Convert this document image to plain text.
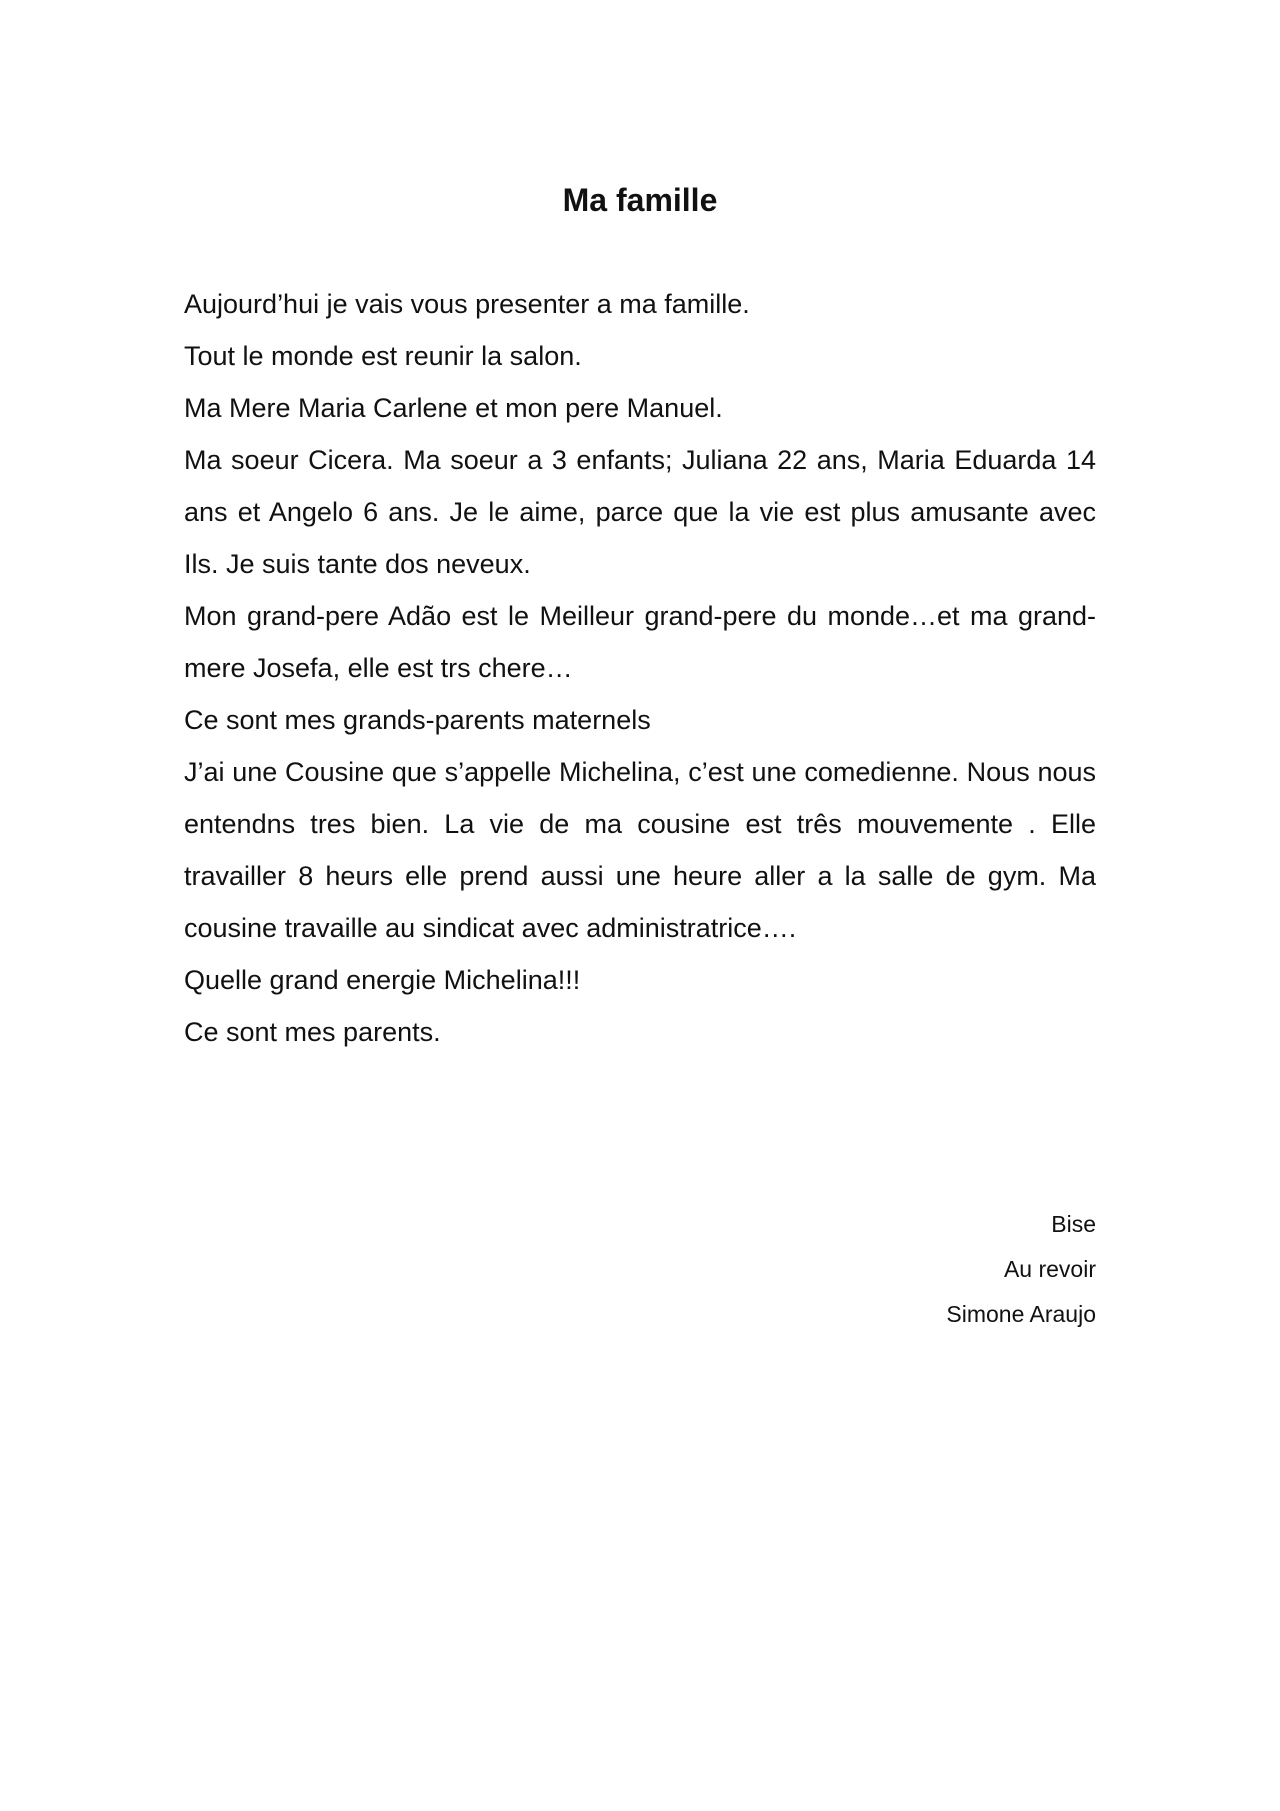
Ma famille

Aujourd’hui je vais vous presenter a ma famille.

Tout le monde est reunir la salon.

Ma Mere Maria Carlene et mon pere Manuel.

Ma soeur Cicera. Ma soeur a 3 enfants; Juliana 22 ans, Maria Eduarda 14 ans et Angelo 6 ans. Je le aime, parce que la vie est plus amusante avec Ils. Je suis tante dos neveux.

Mon grand-pere Adão est le Meilleur grand-pere du monde…et ma grand-mere Josefa, elle est trs chere…

Ce sont mes grands-parents maternels

J’ai une Cousine que s’appelle Michelina, c’est une comedienne. Nous nous entendns tres bien. La vie de ma cousine est três mouvemente . Elle travailler 8 heurs elle prend aussi une heure aller a la salle de gym. Ma cousine travaille au sindicat avec administratrice….

Quelle grand energie Michelina!!!

Ce sont mes parents.

Bise
Au revoir
Simone Araujo
